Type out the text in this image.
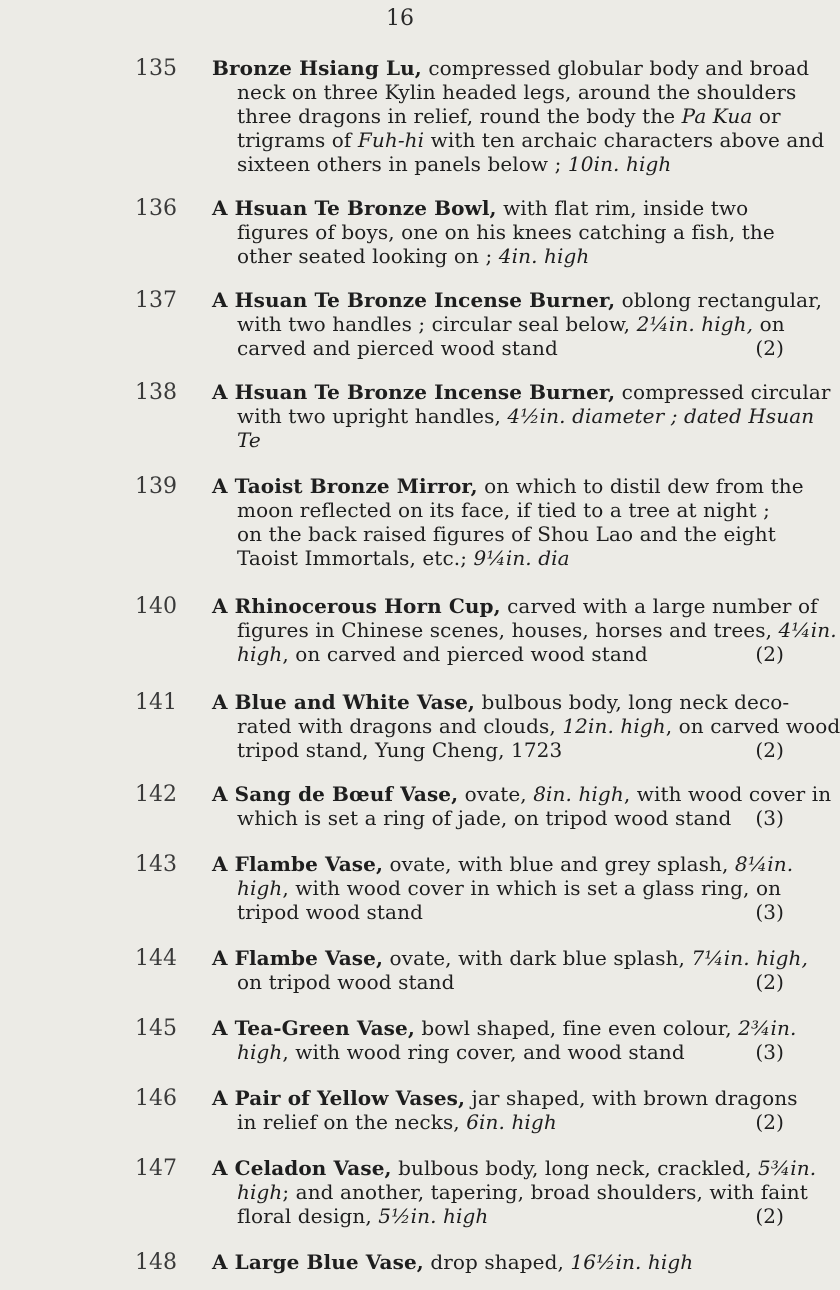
16
135 Bronze Hsiang Lu, compressed globular body and broad
neck on three Kylin headed legs, around the shoulders
three dragons in relief, round the body the Pa Kua or
trigrams of Fuh-hi with ten archaic characters above and
sixteen others in panels below ; 10in. high
136 A Hsuan Te Bronze Bowl, with flat rim, inside two
figures of boys, one on his knees catching a fish, the
other seated looking on ; 4in. high
137 A Hsuan Te Bronze Incense Burner, oblong rectangular,
with two handles ; circular seal below, 2¼in. high, on
carved and pierced wood stand	(2)
138 A Hsuan Te Bronze Incense Burner, compressed circular
with two upright handles, 4½in. diameter ; dated Hsuan
Te
139 A Taoist Bronze Mirror, on which to distil dew from the
moon reflected on its face, if tied to a tree at night ;
on the back raised figures of Shou Lao and the eight
Taoist Immortals, etc.; 9¼in. dia
140 A Rhinocerous Horn Cup, carved with a large number of
figures in Chinese scenes, houses, horses and trees, 4¼in.
high, on carved and pierced wood stand	(2)
141 A Blue and White Vase, bulbous body, long neck deco-
rated with dragons and clouds, 12in. high, on carved wood
tripod stand, Yung Cheng, 1723	(2)
142 A Sang de Bœuf Vase, ovate, 8in. high, with wood cover in
which is set a ring of jade, on tripod wood stand (3)
143 A Flambe Vase, ovate, with blue and grey splash, 8¼in.
high, with wood cover in which is set a glass ring, on
tripod wood stand	(3)
144 A Flambe Vase, ovate, with dark blue splash, 7¼in. high,
on tripod wood stand	(2)
145 A Tea-Green Vase, bowl shaped, fine even colour, 2¾in.
high, with wood ring cover, and wood stand	(3)
146 A Pair of Yellow Vases, jar shaped, with brown dragons
in relief on the necks, 6in. high	(2)
147 A Celadon Vase, bulbous body, long neck, crackled, 5¾in.
high; and another, tapering, broad shoulders, with faint
floral design, 5½in. high	(2)
148 A Large Blue Vase, drop shaped, 16½in. high
